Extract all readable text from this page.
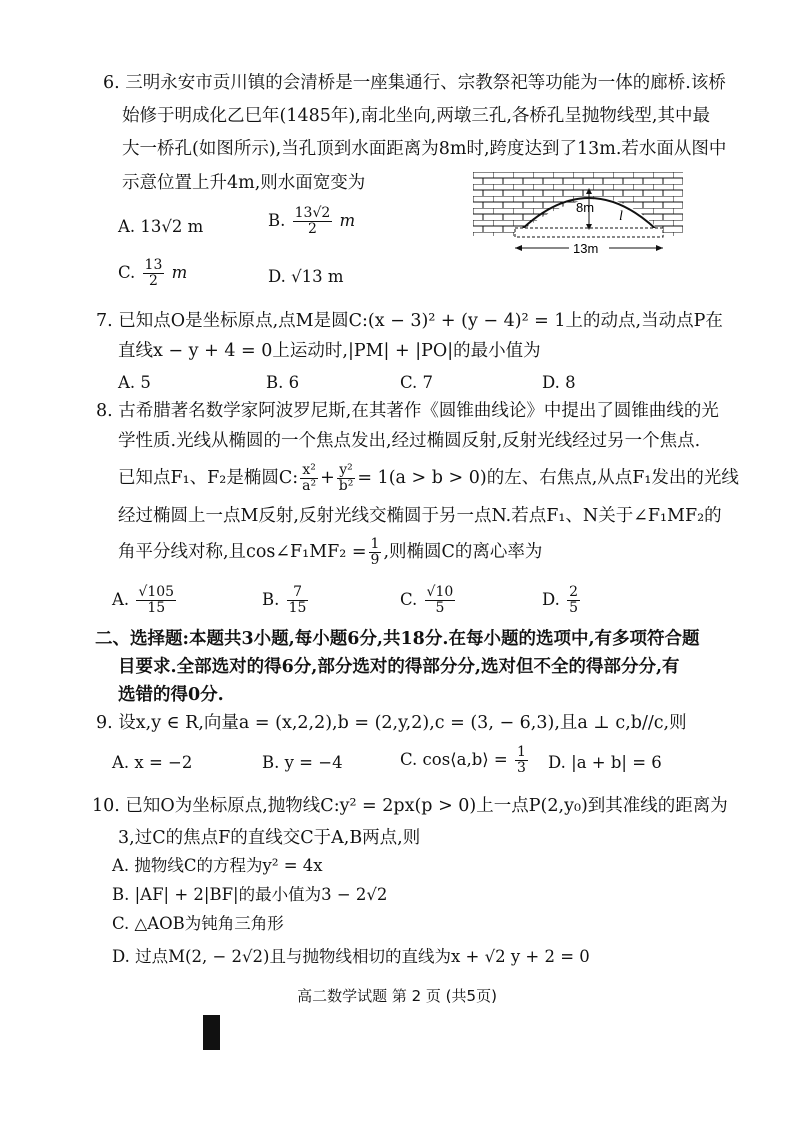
6. 三明永安市贡川镇的会清桥是一座集通行、宗教祭祀等功能为一体的廊桥.该桥
始修于明成化乙巳年(1485年),南北坐向,两墩三孔,各桥孔呈抛物线型,其中最
大一桥孔(如图所示),当孔顶到水面距离为8m时,跨度达到了13m.若水面从图中
示意位置上升4m,则水面宽变为
A. 13√2 m	B. $\frac{13√2}{2}$ m
C. $\frac{13}{2}$ m	D. √13 m
8m
l
13m
7. 已知点O是坐标原点,点M是圆C:(x − 3)² + (y − 4)² = 1上的动点,当动点P在
直线x − y + 4 = 0上运动时,|PM| + |PO|的最小值为
A. 5	B. 6	C. 7	D. 8
8. 古希腊著名数学家阿波罗尼斯,在其著作《圆锥曲线论》中提出了圆锥曲线的光
学性质.光线从椭圆的一个焦点发出,经过椭圆反射,反射光线经过另一个焦点.
已知点F₁、F₂是椭圆C: $\frac{\text{x²}}{\text{a²}} + \frac{\text{y²}}{\text{b²}} = 1(a > b > 0)$的左、右焦点,从点F₁发出的光线
经过椭圆上一点M反射,反射光线交椭圆于另一点N.若点F₁、N关于∠F₁MF₂的
角平分线对称,且cos∠F₁MF₂ = $\frac{1}{9}$ ,则椭圆C的离心率为
A. $\frac{√105}{15}$	B. $\frac{7}{15}$	C. $\frac{√10}{5}$	D. $\frac{2}{5}$
二、选择题:本题共3小题,每小题6分,共18分.在每小题的选项中,有多项符合题
目要求.全部选对的得6分,部分选对的得部分分,选对但不全的得部分分,有
选错的得0分.
9. 设x,y ∈ R,向量a = (x,2,2),b = (2,y,2),c = (3, − 6,3),且a ⊥ c,b//c,则
A. x = −2	B. y = −4	C. cos⟨a,b⟩ = $\frac{1}{3} D$. |a + b| = 6
10. 已知O为坐标原点,抛物线C:y² = 2px(p > 0)上一点P(2,y₀)到其准线的距离为
3,过C的焦点F的直线交C于A,B两点,则
A. 抛物线C的方程为y² = 4x
B. |AF| + 2|BF|的最小值为3 − 2√2
C. △AOB为钝角三角形
D. 过点M(2, − 2√2)且与抛物线相切的直线为x + √2 y + 2 = 0
高二数学试题 第 2 页 (共5页)
